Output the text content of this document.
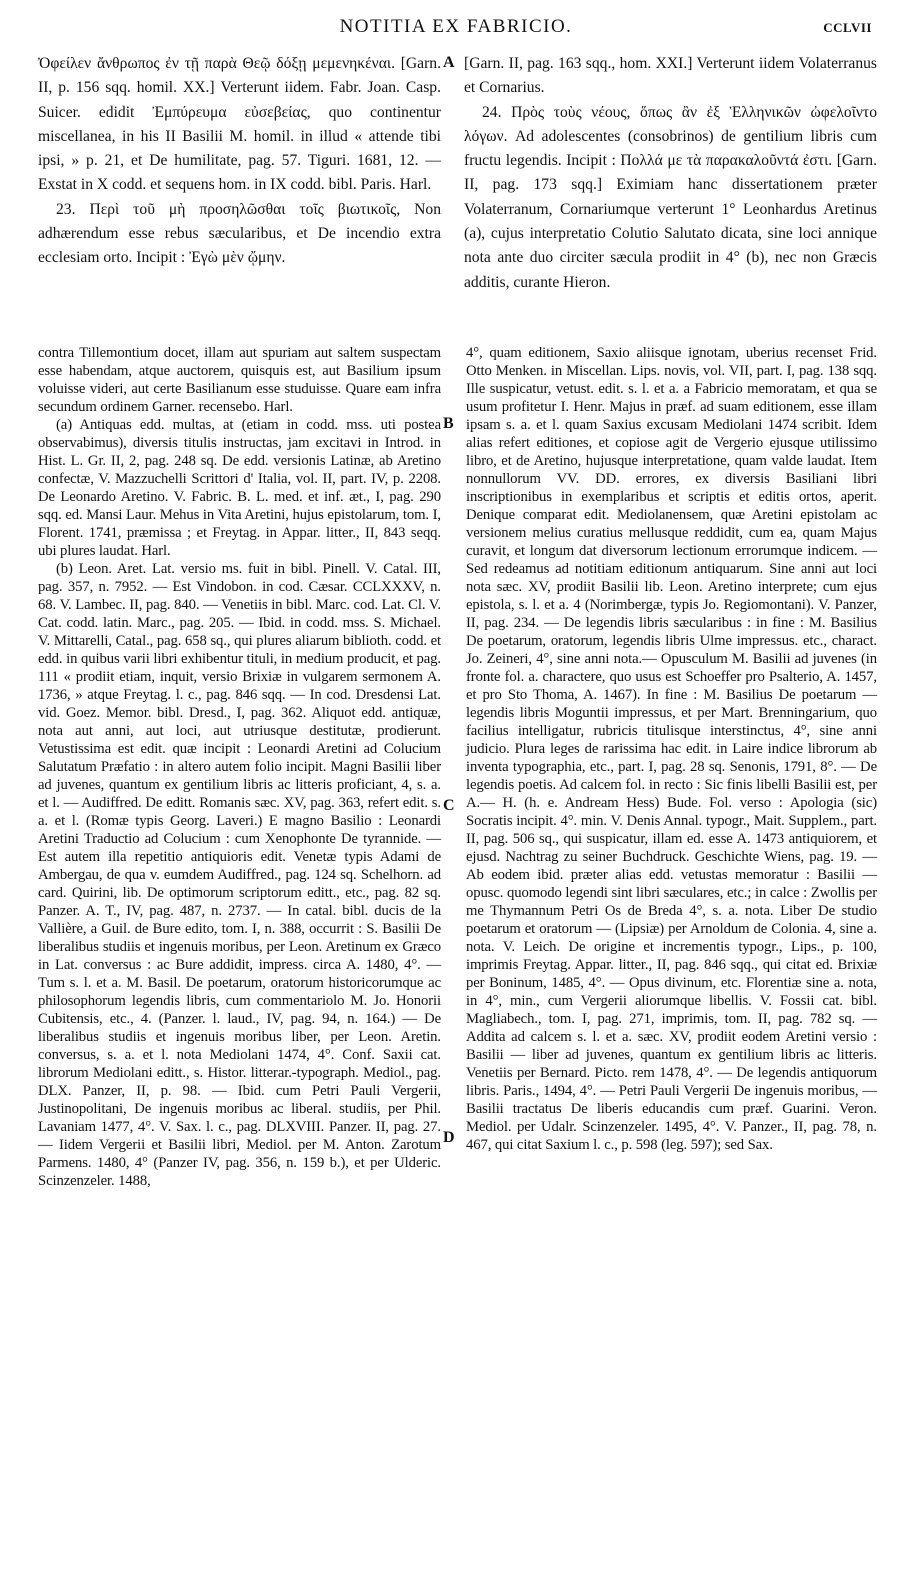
NOTITIA EX FABRICIO.	CCLVII

Ὀφείλεν ἄνθρωπος ἐν τῇ παρὰ Θεῷ δόξῃ μεμενηκέναι. [Garn. II, p. 156 sqq. homil. XX.] Verterunt iidem. Fabr. Joan. Casp. Suicer. edidit Ἐμπύρευμα εὐσεβείας, quo continentur miscellanea, in his II Basilii M. homil. in illud « attende tibi ipsi, » p. 21, et De humilitate, pag. 57. Tiguri. 1681, 12. — Exstat in X codd. et sequens hom. in IX codd. bibl. Paris. Harl.

23. Περὶ τοῦ μὴ προσηλῶσθαι τοῖς βιωτικοῖς, Non adhærendum esse rebus sæcularibus, et De incendio extra ecclesiam orto. Incipit : Ἐγὼ μὲν ᾤμην.

[Garn. II, pag. 163 sqq., hom. XXI.] Verterunt iidem Volaterranus et Cornarius.

24. Πρὸς τοὺς νέους, ὅπως ἂν ἐξ Ἑλληνικῶν ὠφελοῖντο λόγων. Ad adolescentes (consobrinos) de gentilium libris cum fructu legendis. Incipit : Πολλά με τὰ παρακαλοῦντά ἐστι. [Garn. II, pag. 173 sqq.] Eximiam hanc dissertationem præter Volaterranum, Cornariumque verterunt 1° Leonhardus Aretinus (a), cujus interpretatio Colutio Salutato dicata, sine loci annique nota ante duo circiter sæcula prodiit in 4° (b), nec non Græcis additis, curante Hieron.

contra Tillemontium docet, illam aut spuriam aut saltem suspectam esse habendam, atque auctorem, quisquis est, aut Basilium ipsum voluisse videri, aut certe Basilianum esse studuisse. Quare eam infra secundum ordinem Garner. recensebo. Harl.

(a) Antiquas edd. multas, at (etiam in codd. mss. uti postea observabimus), diversis titulis instructas, jam excitavi in Introd. in Hist. L. Gr. II, 2, pag. 248 sq. De edd. versionis Latinæ, ab Aretino confectæ, V. Mazzuchelli Scrittori d' Italia, vol. II, part. IV, p. 2208. De Leonardo Aretino. V. Fabric. B. L. med. et inf. æt., I, pag. 290 sqq. ed. Mansi Laur. Mehus in Vita Aretini, hujus epistolarum, tom. I, Florent. 1741, præmissa ; et Freytag. in Appar. litter., II, 843 seqq. ubi plures laudat. Harl.

(b) Leon. Aret. Lat. versio ms. fuit in bibl. Pinell. V. Catal. III, pag. 357, n. 7952. — Est Vindobon. in cod. Cæsar. CCLXXXV, n. 68. V. Lambec. II, pag. 840. — Venetiis in bibl. Marc. cod. Lat. Cl. V. Cat. codd. latin. Marc., pag. 205. — Ibid. in codd. mss. S. Michael. V. Mittarelli, Catal., pag. 658 sq., qui plures aliarum biblioth. codd. et edd. in quibus varii libri exhibentur tituli, in medium producit, et pag. 111 « prodiit etiam, inquit, versio Brixiæ in vulgarem sermonem A. 1736, » atque Freytag. l. c., pag. 846 sqq. — In cod. Dresdensi Lat. vid. Goez. Memor. bibl. Dresd., I, pag. 362. Aliquot edd. antiquæ, nota aut anni, aut loci, aut utriusque destitutæ, prodierunt. Vetustissima est edit. quæ incipit : Leonardi Aretini ad Colucium Salutatum Præfatio : in altero autem folio incipit. Magni Basilii liber ad juvenes, quantum ex gentilium libris ac litteris proficiant, 4, s. a. et l. — Audiffred. De editt. Romanis sæc. XV, pag. 363, refert edit. s. a. et l. (Romæ typis Georg. Laveri.) E magno Basilio : Leonardi Aretini Traductio ad Colucium : cum Xenophonte De tyrannide. — Est autem illa repetitio antiquioris edit. Venetæ typis Adami de Ambergau, de qua v. eumdem Audiffred., pag. 124 sq. Schelhorn. ad card. Quirini, lib. De optimorum scriptorum editt., etc., pag. 82 sq. Panzer. A. T., IV, pag. 487, n. 2737. — In catal. bibl. ducis de la Vallière, a Guil. de Bure edito, tom. I, n. 388, occurrit : S. Basilii De liberalibus studiis et ingenuis moribus, per Leon. Aretinum ex Græco in Lat. conversus : ac Bure addidit, impress. circa A. 1480, 4°. — Tum s. l. et a. M. Basil. De poetarum, oratorum historicorumque ac philosophorum legendis libris, cum commentariolo M. Jo. Honorii Cubitensis, etc., 4. (Panzer. l. laud., IV, pag. 94, n. 164.) — De liberalibus studiis et ingenuis moribus liber, per Leon. Aretin. conversus, s. a. et l. nota Mediolani 1474, 4°. Conf. Saxii cat. librorum Mediolani editt., s. Histor. litterar.-typograph. Mediol., pag. DLX. Panzer, II, p. 98. — Ibid. cum Petri Pauli Vergerii, Justinopolitani, De ingenuis moribus ac liberal. studiis, per Phil. Lavaniam 1477, 4°. V. Sax. l. c., pag. DLXVIII. Panzer. II, pag. 27. — Iidem Vergerii et Basilii libri, Mediol. per M. Anton. Zarotum Parmens. 1480, 4° (Panzer IV, pag. 356, n. 159 b.), et per Ulderic. Scinzenzeler. 1488,

4°, quam editionem, Saxio aliisque ignotam, uberius recenset Frid. Otto Menken. in Miscellan. Lips. novis, vol. VII, part. I, pag. 138 sqq. Ille suspicatur, vetust. edit. s. l. et a. a Fabricio memoratam, et qua se usum profitetur I. Henr. Majus in præf. ad suam editionem, esse illam ipsam s. a. et l. quam Saxius excusam Mediolani 1474 scribit. Idem alias refert editiones, et copiose agit de Vergerio ejusque utilissimo libro, et de Aretino, hujusque interpretatione, quam valde laudat. Item nonnullorum VV. DD. errores, ex diversis Basiliani libri inscriptionibus in exemplaribus et scriptis et editis ortos, aperit. Denique comparat edit. Mediolanensem, quæ Aretini epistolam ac versionem melius curatius mellusque reddidit, cum ea, quam Majus curavit, et longum dat diversorum lectionum errorumque indicem. — Sed redeamus ad notitiam editionum antiquarum. Sine anni aut loci nota sæc. XV, prodiit Basilii lib. Leon. Aretino interprete; cum ejus epistola, s. l. et a. 4 (Norimbergæ, typis Jo. Regiomontani). V. Panzer, II, pag. 234. — De legendis libris sæcularibus : in fine : M. Basilius De poetarum, oratorum, legendis libris Ulme impressus. etc., charact. Jo. Zeineri, 4°, sine anni nota.— Opusculum M. Basilii ad juvenes (in fronte fol. a. charactere, quo usus est Schoeffer pro Psalterio, A. 1457, et pro Sto Thoma, A. 1467). In fine : M. Basilius De poetarum — legendis libris Moguntii impressus, et per Mart. Brenningarium, quo facilius intelligatur, rubricis titulisque interstinctus, 4°, sine anni judicio. Plura leges de rarissima hac edit. in Laire indice librorum ab inventa typographia, etc., part. I, pag. 28 sq. Senonis, 1791, 8°. — De legendis poetis. Ad calcem fol. in recto : Sic finis libelli Basilii est, per A.— H. (h. e. Andream Hess) Bude. Fol. verso : Apologia (sic) Socratis incipit. 4°. min. V. Denis Annal. typogr., Mait. Supplem., part. II, pag. 506 sq., qui suspicatur, illam ed. esse A. 1473 antiquiorem, et ejusd. Nachtrag zu seiner Buchdruck. Geschichte Wiens, pag. 19. — Ab eodem ibid. præter alias edd. vetustas memoratur : Basilii — opusc. quomodo legendi sint libri sæculares, etc.; in calce : Zwollis per me Thymannum Petri Os de Breda 4°, s. a. nota. Liber De studio poetarum et oratorum — (Lipsiæ) per Arnoldum de Colonia. 4, sine a. nota. V. Leich. De origine et incrementis typogr., Lips., p. 100, imprimis Freytag. Appar. litter., II, pag. 846 sqq., qui citat ed. Brixiæ per Boninum, 1485, 4°. — Opus divinum, etc. Florentiæ sine a. nota, in 4°, min., cum Vergerii aliorumque libellis. V. Fossii cat. bibl. Magliabech., tom. I, pag. 271, imprimis, tom. II, pag. 782 sq. — Addita ad calcem s. l. et a. sæc. XV, prodiit eodem Aretini versio : Basilii — liber ad juvenes, quantum ex gentilium libris ac litteris. Venetiis per Bernard. Picto. rem 1478, 4°. — De legendis antiquorum libris. Paris., 1494, 4°. — Petri Pauli Vergerii De ingenuis moribus, — Basilii tractatus De liberis educandis cum præf. Guarini. Veron. Mediol. per Udalr. Scinzenzeler. 1495, 4°. V. Panzer., II, pag. 78, n. 467, qui citat Saxium l. c., p. 598 (leg. 597); sed Sax.

A
B
C
D
